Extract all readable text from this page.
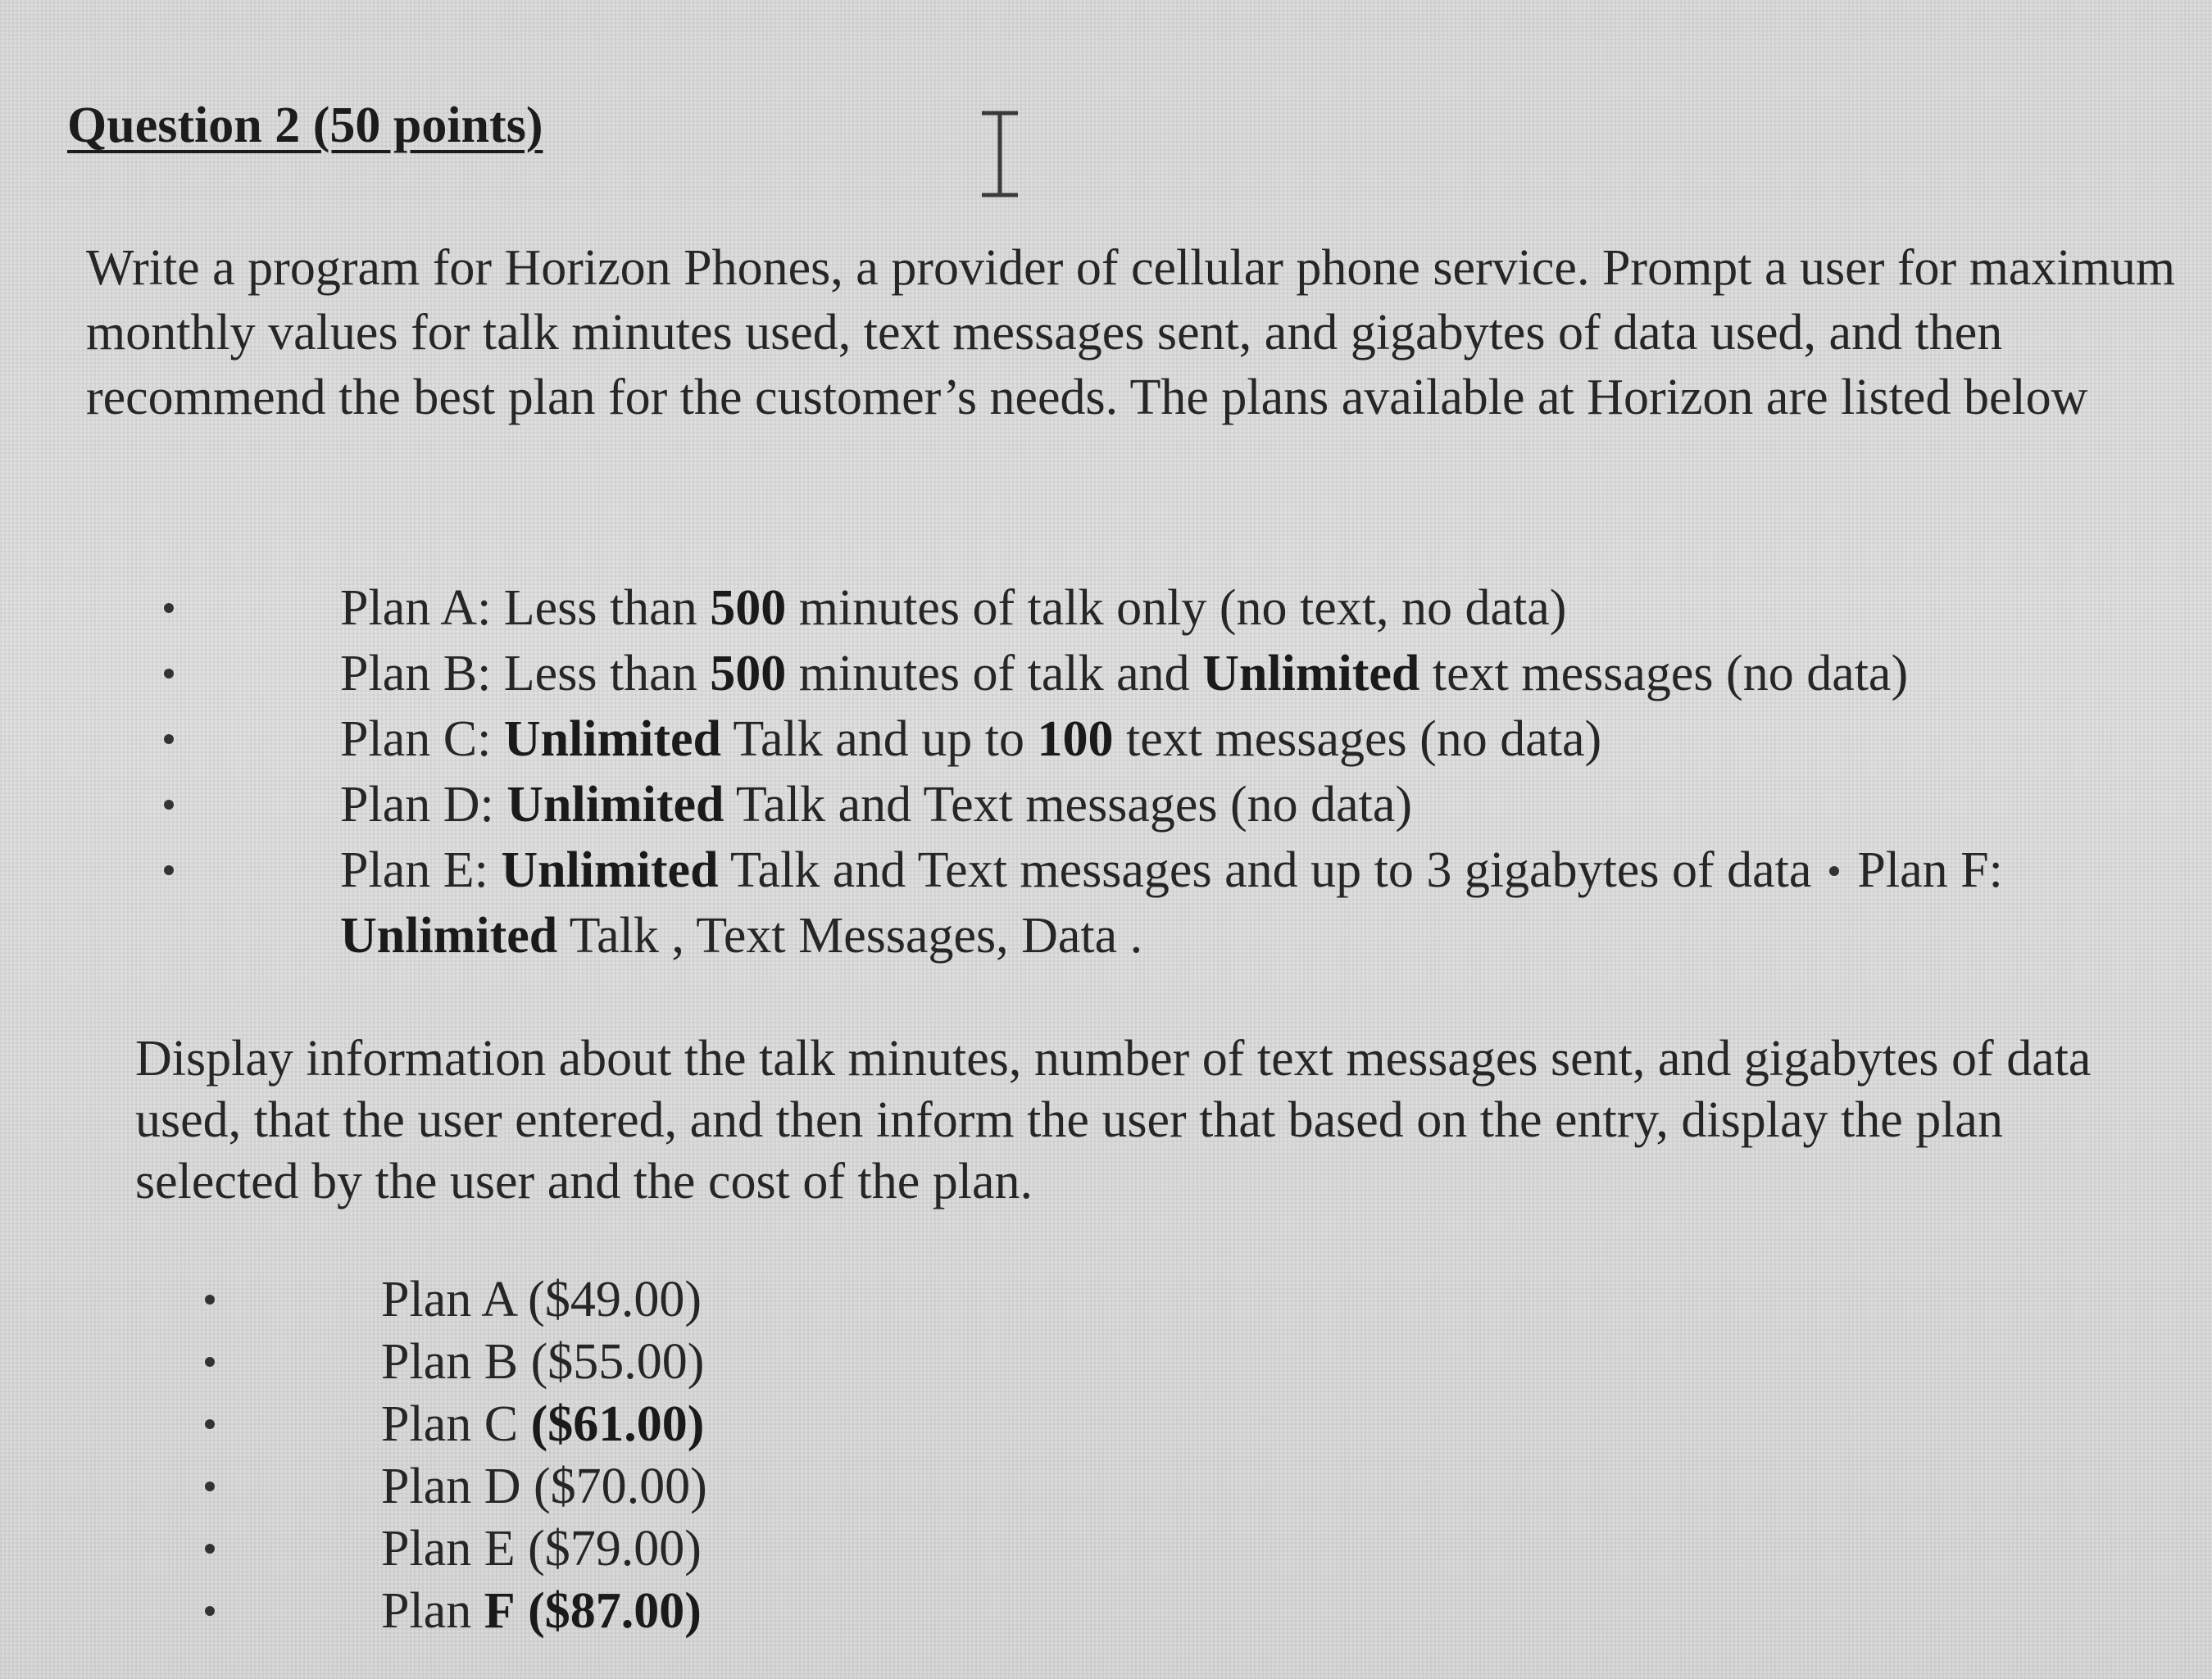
Question 2 (50 points)

Write a program for Horizon Phones, a provider of cellular phone service. Prompt a user for maximum monthly values for talk minutes used, text messages sent, and gigabytes of data used, and then recommend the best plan for the customer’s needs. The plans available at Horizon are listed below

Plan A: Less than 500 minutes of talk only (no text, no data)
Plan B: Less than 500 minutes of talk and Unlimited text messages (no data)
Plan C: Unlimited Talk and up to 100 text messages (no data)
Plan D: Unlimited Talk and Text messages (no data)
Plan E: Unlimited Talk and Text messages and up to 3 gigabytes of data Plan F:
Unlimited Talk , Text Messages, Data .

Display information about the talk minutes, number of text messages sent, and gigabytes of data used, that the user entered, and then inform the user that based on the entry, display the plan selected by the user and the cost of the plan.

Plan A ($49.00)
Plan B ($55.00)
Plan C ($61.00)
Plan D ($70.00)
Plan E ($79.00)
Plan F ($87.00)
